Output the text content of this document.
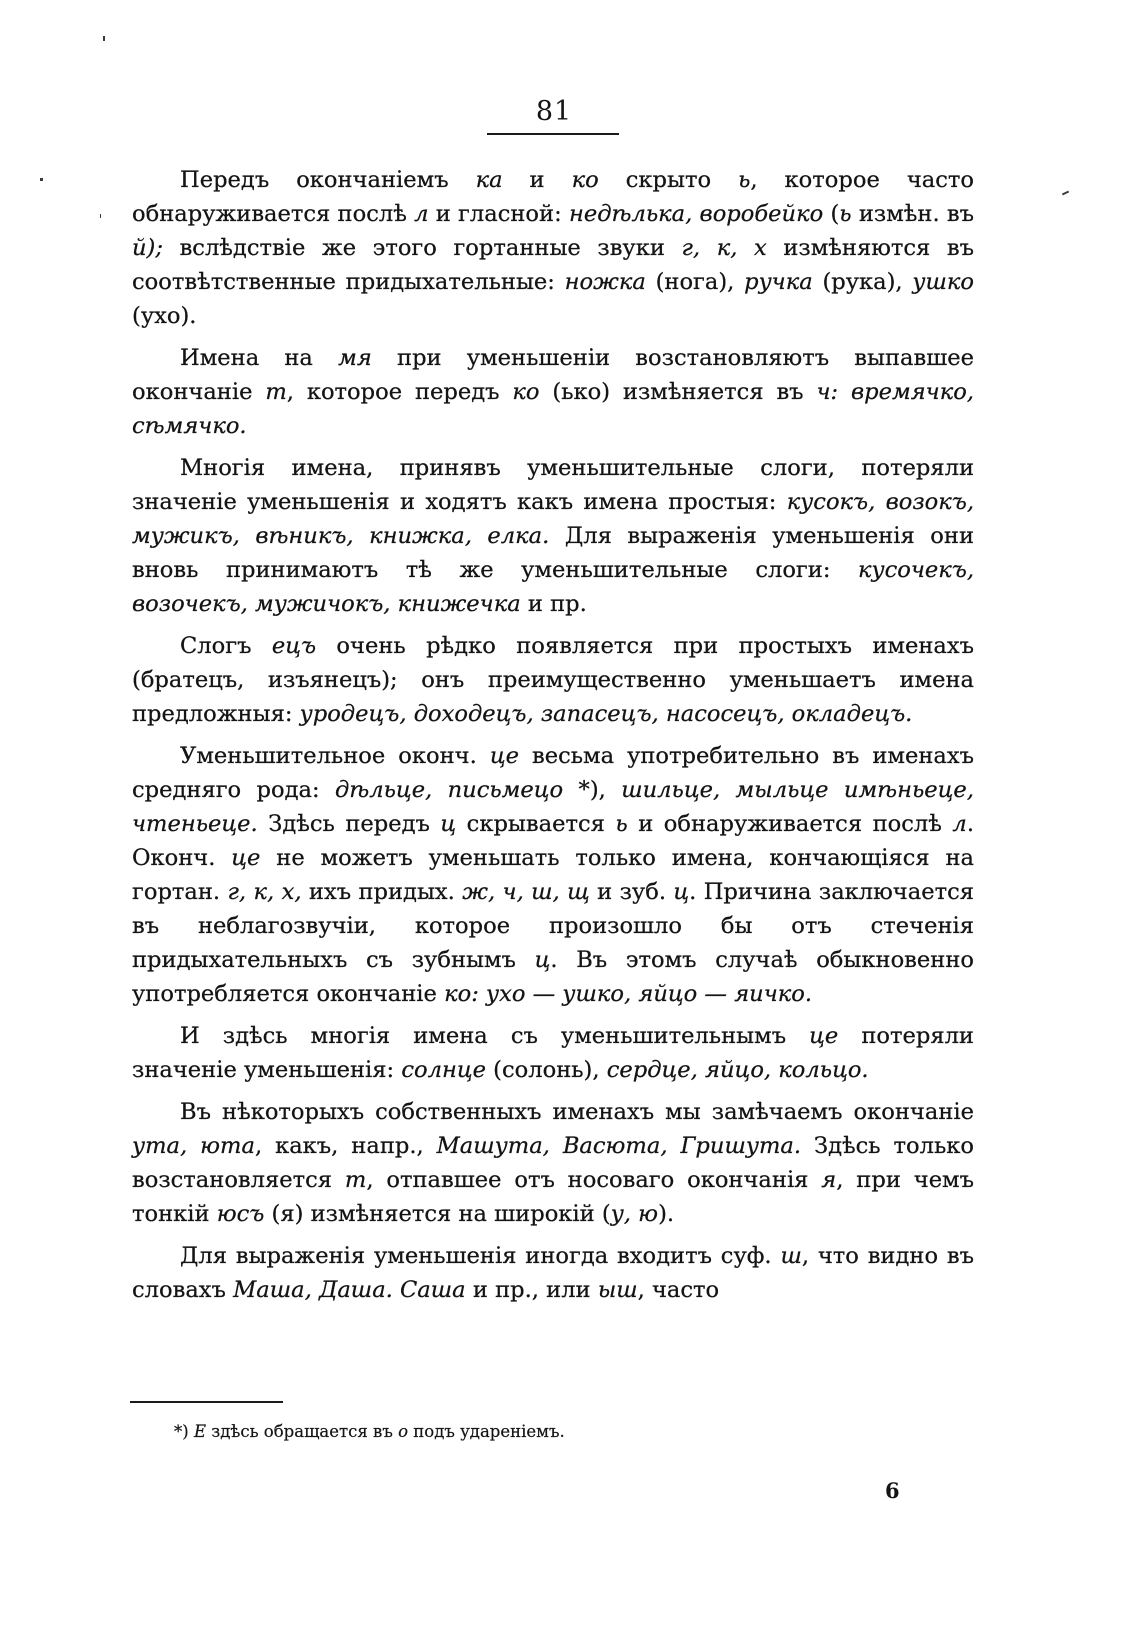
81

Передъ окончаніемъ ка и ко скрыто ь, которое часто обнаруживается послѣ л и гласной: недѣлька, воробейко (ь измѣн. въ й); вслѣдствіе же этого гортанные звуки г, к, х измѣняются въ соотвѣтственные придыхательные: ножка (нога), ручка (рука), ушко (ухо).

Имена на мя при уменьшеніи возстановляютъ выпавшее окончаніе т, которое передъ ко (ько) измѣняется въ ч: времячко, сѣмячко.

Многія имена, принявъ уменьшительные слоги, потеряли значеніе уменьшенія и ходятъ какъ имена простыя: кусокъ, возокъ, мужикъ, вѣникъ, книжка, елка. Для выраженія уменьшенія они вновь принимаютъ тѣ же уменьшительные слоги: кусочекъ, возочекъ, мужичокъ, книжечка и пр.

Слогъ ецъ очень рѣдко появляется при простыхъ именахъ (братецъ, изъянецъ); онъ преимущественно уменьшаетъ имена предложныя: уродецъ, доходецъ, запасецъ, насосецъ, окладецъ.

Уменьшительное оконч. це весьма употребительно въ именахъ средняго рода: дѣльце, письмецо *), шильце, мыльце имѣньеце, чтеньеце. Здѣсь передъ ц скрывается ь и обнаруживается послѣ л. Оконч. це не можетъ уменьшать только имена, кончающіяся на гортан. г, к, х, ихъ придых. ж, ч, ш, щ и зуб. ц. Причина заключается въ неблагозвучіи, которое произошло бы отъ стеченія придыхательныхъ съ зубнымъ ц. Въ этомъ случаѣ обыкновенно употребляется окончаніе ко: ухо — ушко, яйцо — яичко.

И здѣсь многія имена съ уменьшительнымъ це потеряли значеніе уменьшенія: солнце (солонь), сердце, яйцо, кольцо.

Въ нѣкоторыхъ собственныхъ именахъ мы замѣчаемъ окончаніе ута, юта, какъ, напр., Машута, Васюта, Гришута. Здѣсь только возстановляется т, отпавшее отъ носоваго окончанія я, при чемъ тонкій юсъ (я) измѣняется на широкій (у, ю).

Для выраженія уменьшенія иногда входитъ суф. ш, что видно въ словахъ Маша, Даша. Саша и пр., или ыш, часто

*) Е здѣсь обращается въ о подъ удареніемъ.
6
